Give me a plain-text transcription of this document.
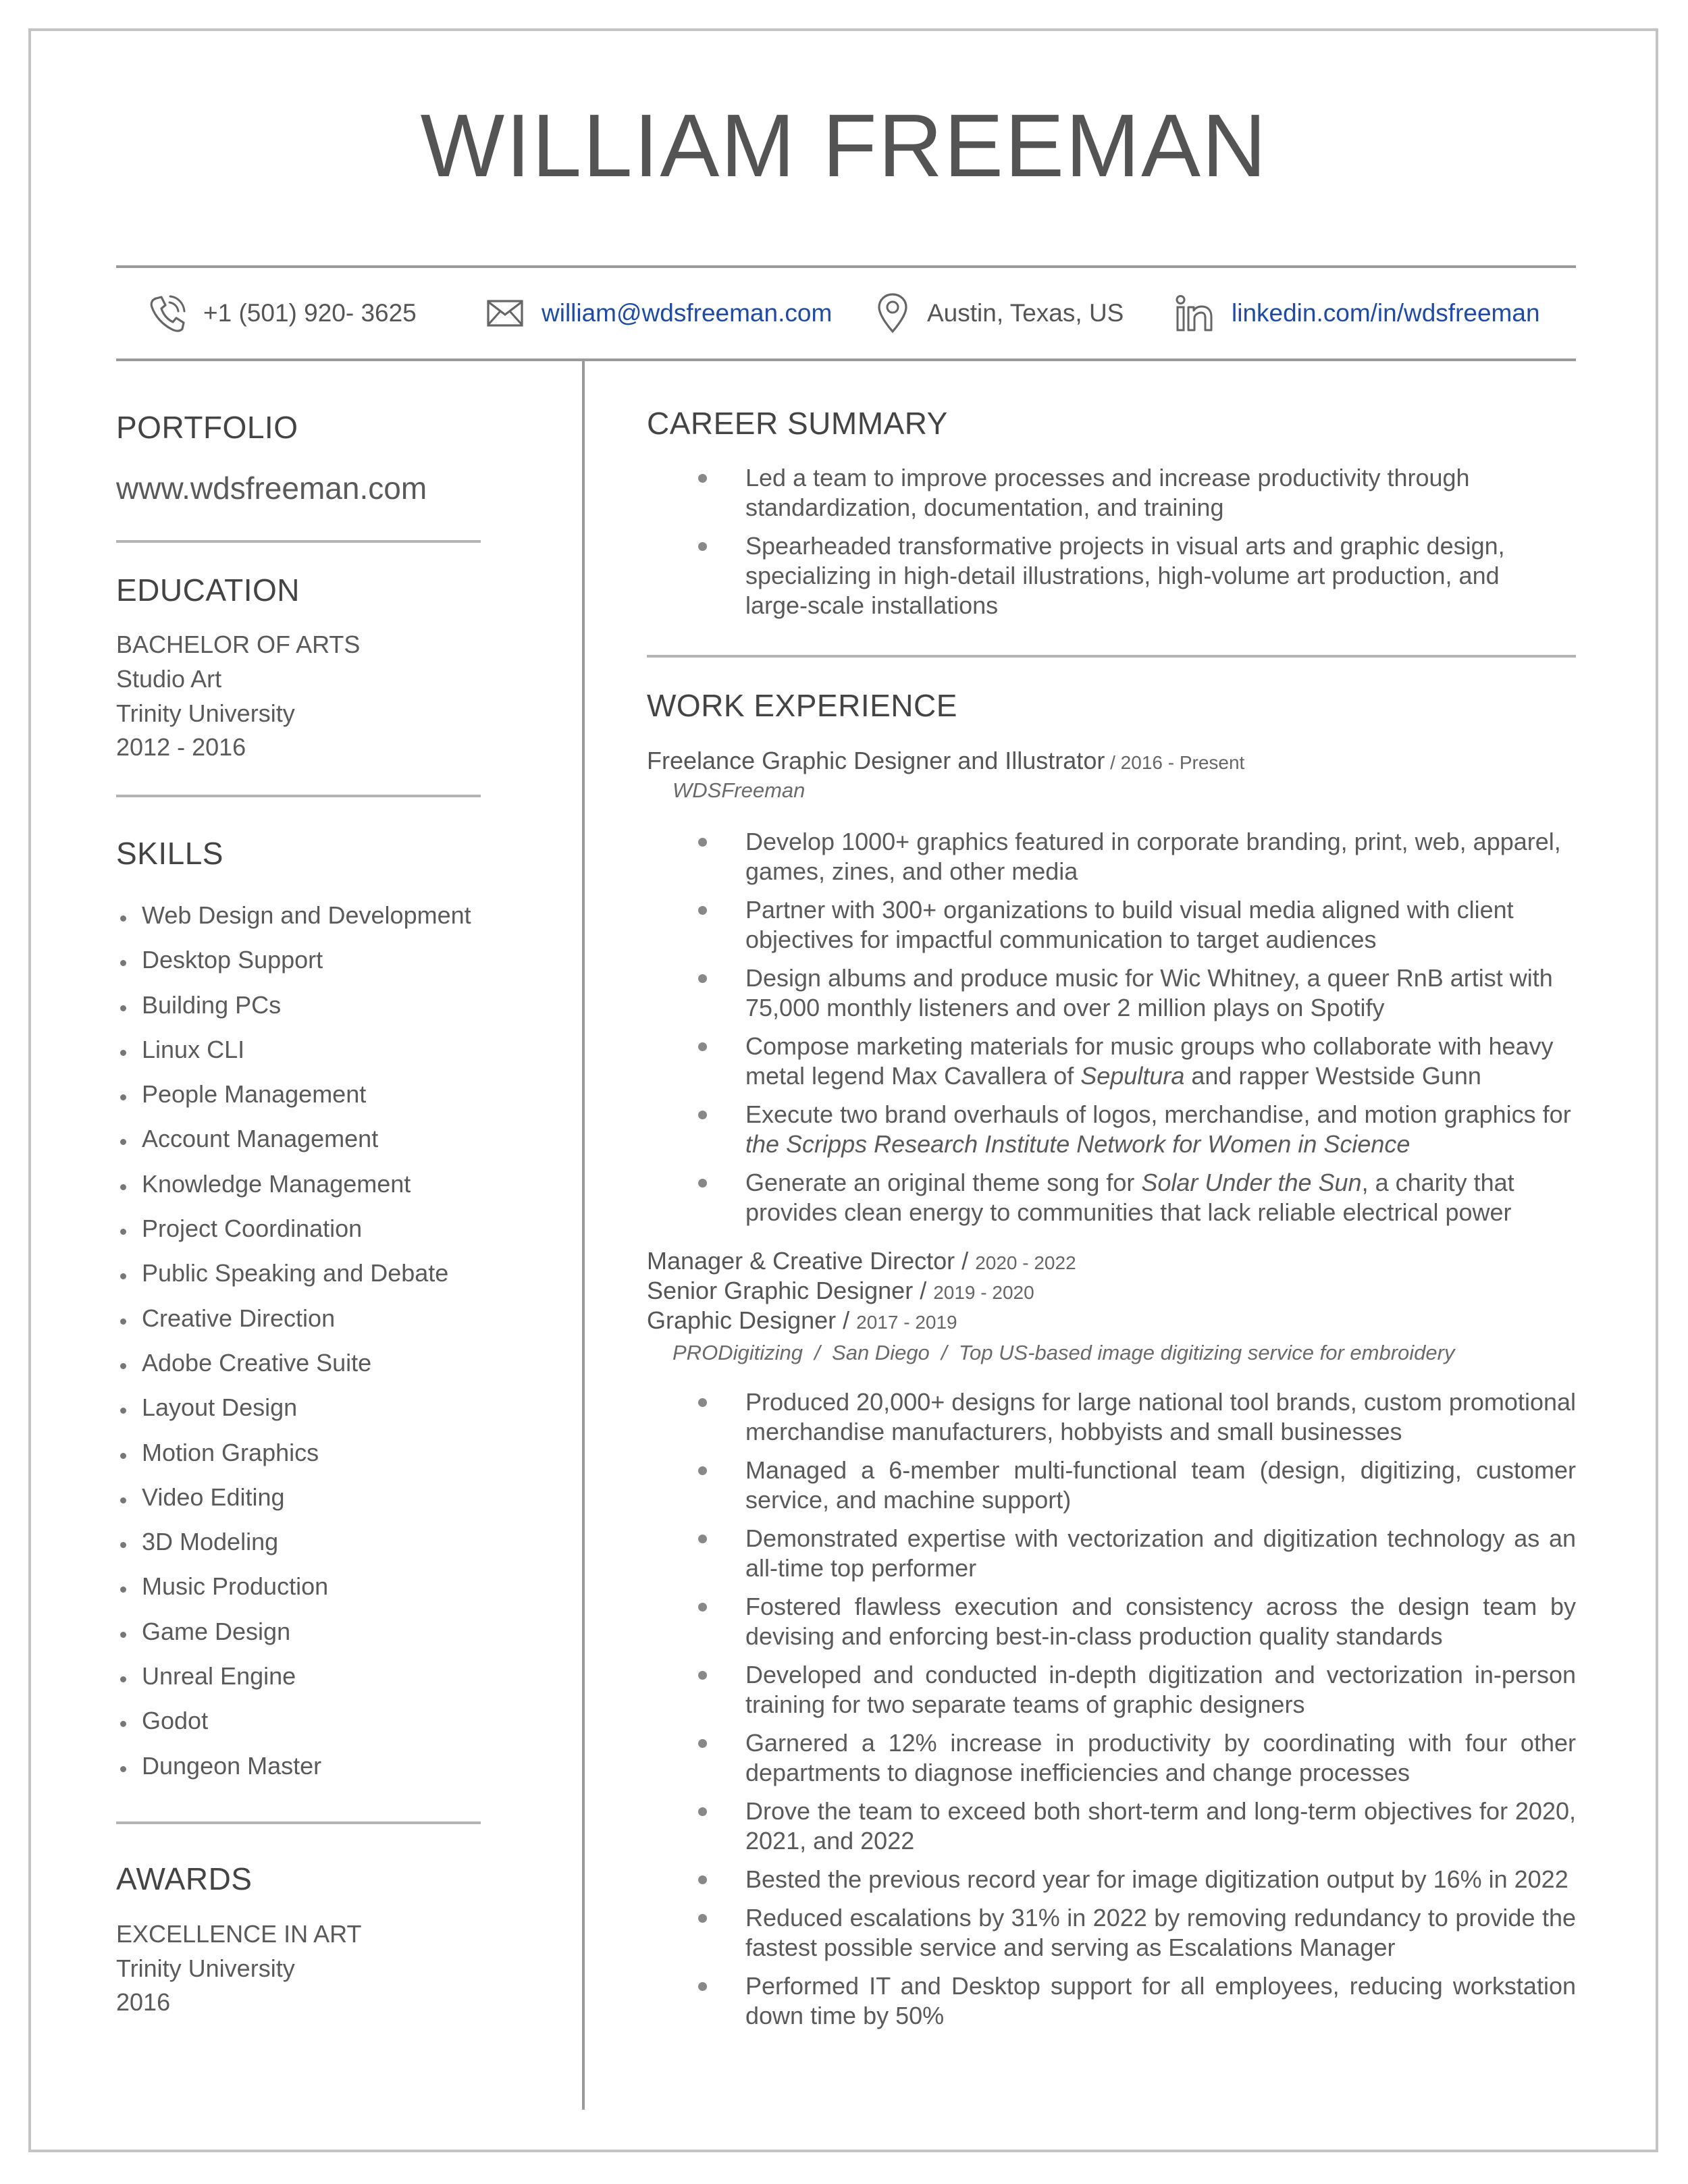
WILLIAM FREEMAN
+1 (501) 920- 3625	william@wdsfreeman.com	Austin, Texas, US	linkedin.com/in/wdsfreeman
PORTFOLIO
www.wdsfreeman.com
EDUCATION
BACHELOR OF ARTS
Studio Art
Trinity University
2012 - 2016
SKILLS
Web Design and Development
Desktop Support
Building PCs
Linux CLI
People Management
Account Management
Knowledge Management
Project Coordination
Public Speaking and Debate
Creative Direction
Adobe Creative Suite
Layout Design
Motion Graphics
Video Editing
3D Modeling
Music Production
Game Design
Unreal Engine
Godot
Dungeon Master
AWARDS
EXCELLENCE IN ART
Trinity University
2016
CAREER SUMMARY
Led a team to improve processes and increase productivity through standardization, documentation, and training
Spearheaded transformative projects in visual arts and graphic design, specializing in high-detail illustrations, high-volume art production, and large-scale installations
WORK EXPERIENCE
Freelance Graphic Designer and Illustrator / 2016 - Present
WDSFreeman
Develop 1000+ graphics featured in corporate branding, print, web, apparel, games, zines, and other media
Partner with 300+ organizations to build visual media aligned with client objectives for impactful communication to target audiences
Design albums and produce music for Wic Whitney, a queer RnB artist with 75,000 monthly listeners and over 2 million plays on Spotify
Compose marketing materials for music groups who collaborate with heavy metal legend Max Cavallera of Sepultura and rapper Westside Gunn
Execute two brand overhauls of logos, merchandise, and motion graphics for the Scripps Research Institute Network for Women in Science
Generate an original theme song for Solar Under the Sun, a charity that provides clean energy to communities that lack reliable electrical power
Manager & Creative Director / 2020 - 2022
Senior Graphic Designer / 2019 - 2020
Graphic Designer / 2017 - 2019
PRODigitizing  /  San Diego  /  Top US-based image digitizing service for embroidery
Produced 20,000+ designs for large national tool brands, custom promotional merchandise manufacturers, hobbyists and small businesses
Managed a 6-member multi-functional team (design, digitizing, customer service, and machine support)
Demonstrated expertise with vectorization and digitization technology as an all-time top performer
Fostered flawless execution and consistency across the design team by devising and enforcing best-in-class production quality standards
Developed and conducted in-depth digitization and vectorization in-person training for two separate teams of graphic designers
Garnered a 12% increase in productivity by coordinating with four other departments to diagnose inefficiencies and change processes
Drove the team to exceed both short-term and long-term objectives for 2020, 2021, and 2022
Bested the previous record year for image digitization output by 16% in 2022
Reduced escalations by 31% in 2022 by removing redundancy to provide the fastest possible service and serving as Escalations Manager
Performed IT and Desktop support for all employees, reducing workstation down time by 50%
